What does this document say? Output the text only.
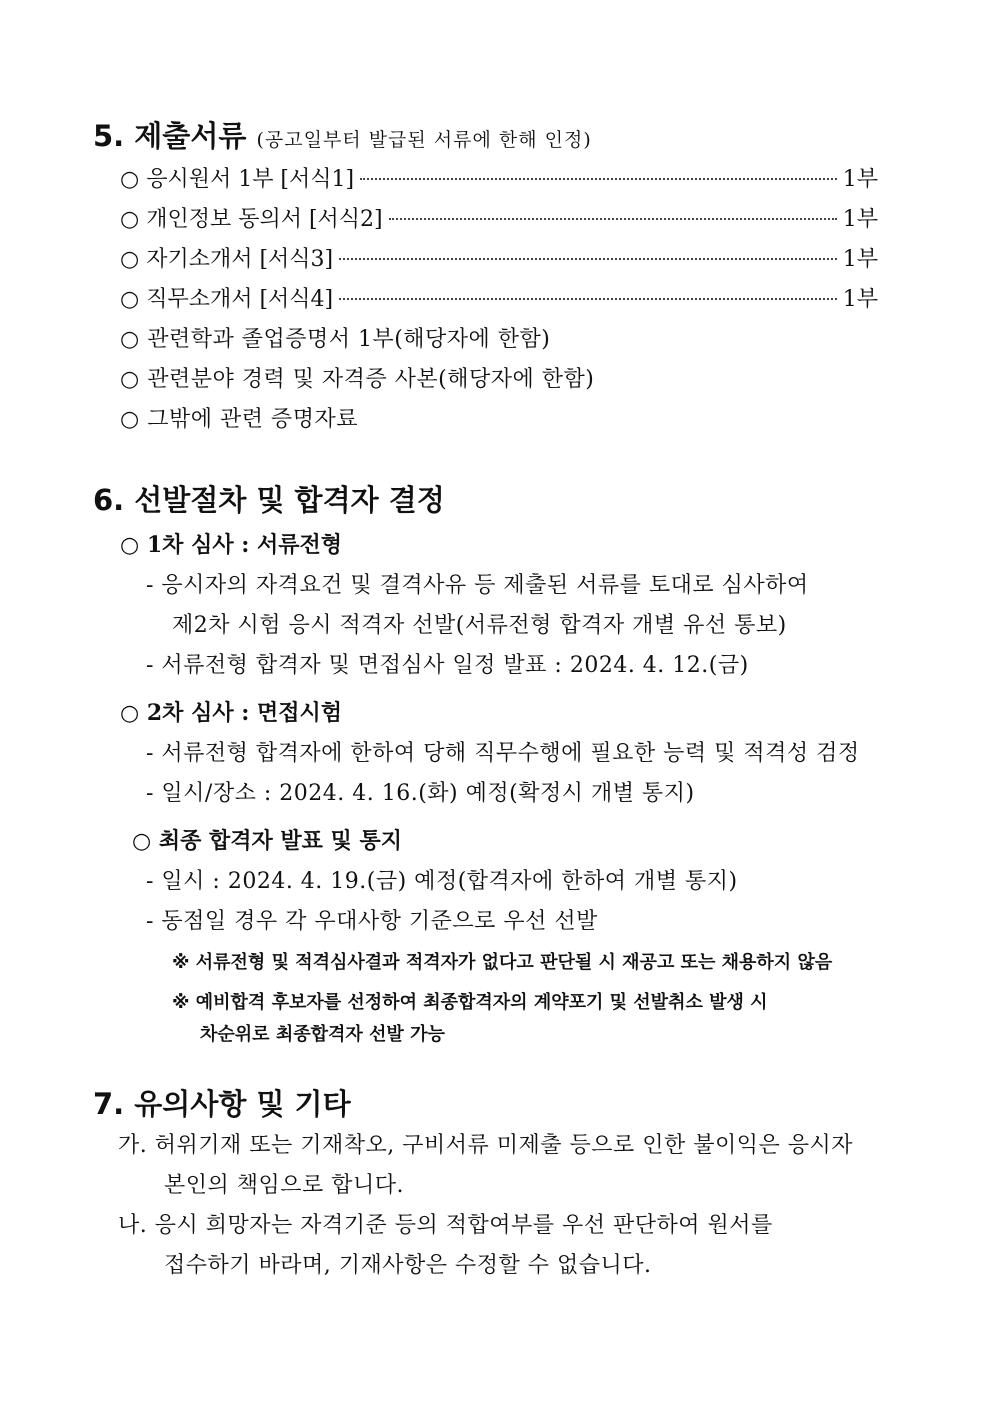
5. 제출서류 (공고일부터 발급된 서류에 한해 인정)
○ 응시원서 1부 [서식1]	1부
○ 개인정보 동의서 [서식2]	1부
○ 자기소개서 [서식3]	1부
○ 직무소개서 [서식4]	1부
○ 관련학과 졸업증명서 1부(해당자에 한함)
○ 관련분야 경력 및 자격증 사본(해당자에 한함)
○ 그밖에 관련 증명자료
6. 선발절차 및 합격자 결정
○ 1차 심사 : 서류전형
- 응시자의 자격요건 및 결격사유 등 제출된 서류를 토대로 심사하여
제2차 시험 응시 적격자 선발(서류전형 합격자 개별 유선 통보)
- 서류전형 합격자 및 면접심사 일정 발표 : 2024. 4. 12.(금)
○ 2차 심사 : 면접시험
- 서류전형 합격자에 한하여 당해 직무수행에 필요한 능력 및 적격성 검정
- 일시/장소 : 2024. 4. 16.(화) 예정(확정시 개별 통지)
○ 최종 합격자 발표 및 통지
- 일시 : 2024. 4. 19.(금) 예정(합격자에 한하여 개별 통지)
- 동점일 경우 각 우대사항 기준으로 우선 선발
※ 서류전형 및 적격심사결과 적격자가 없다고 판단될 시 재공고 또는 채용하지 않음
※ 예비합격 후보자를 선정하여 최종합격자의 계약포기 및 선발취소 발생 시
차순위로 최종합격자 선발 가능
7. 유의사항 및 기타
가. 허위기재 또는 기재착오, 구비서류 미제출 등으로 인한 불이익은 응시자
본인의 책임으로 합니다.
나. 응시 희망자는 자격기준 등의 적합여부를 우선 판단하여 원서를
접수하기 바라며, 기재사항은 수정할 수 없습니다.
